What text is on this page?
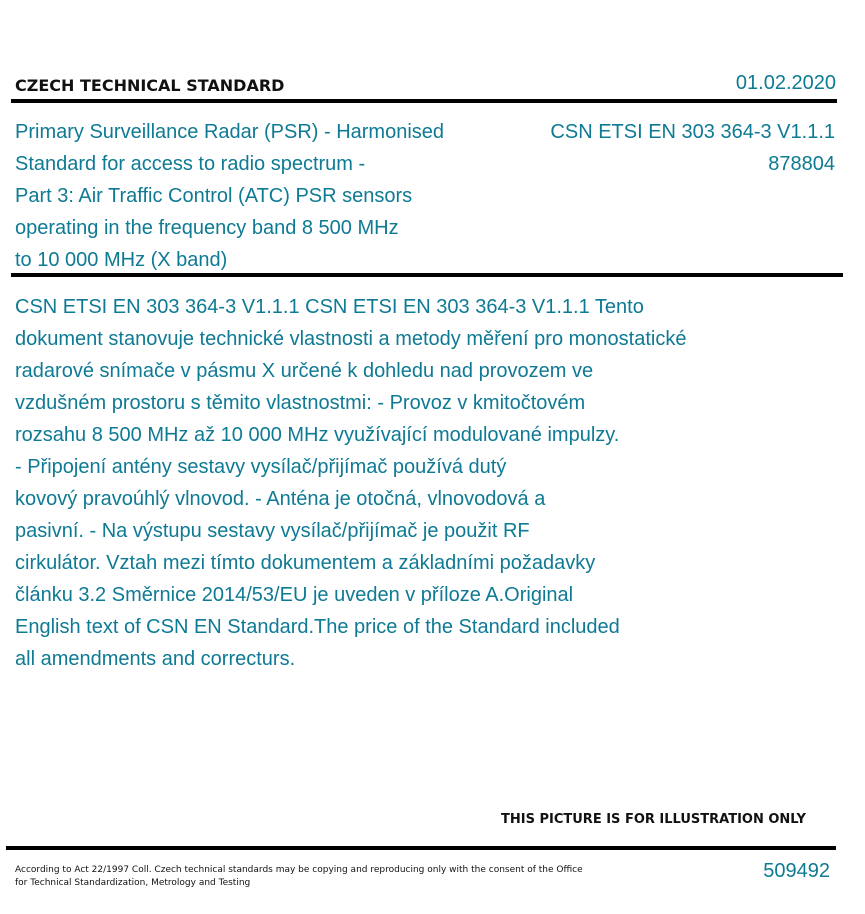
CZECH TECHNICAL STANDARD	01.02.2020
Primary Surveillance Radar (PSR) - Harmonised
Standard for access to radio spectrum -
Part 3: Air Traffic Control (ATC) PSR sensors
operating in the frequency band 8 500 MHz
to 10 000 MHz (X band)
CSN ETSI EN 303 364-3 V1.1.1
878804
CSN ETSI EN 303 364-3 V1.1.1 CSN ETSI EN 303 364-3 V1.1.1 Tento
dokument stanovuje technické vlastnosti a metody měření pro monostatické
radarové snímače v pásmu X určené k dohledu nad provozem ve
vzdušném prostoru s těmito vlastnostmi: - Provoz v kmitočtovém
rozsahu 8 500 MHz až 10 000 MHz využívající modulované impulzy.
- Připojení antény sestavy vysílač/přijímač používá dutý
kovový pravoúhlý vlnovod. - Anténa je otočná, vlnovodová a
pasivní. - Na výstupu sestavy vysílač/přijímač je použit RF
cirkulátor. Vztah mezi tímto dokumentem a základními požadavky
článku 3.2 Směrnice 2014/53/EU je uveden v příloze A.Original
English text of CSN EN Standard.The price of the Standard included
all amendments and correcturs.
THIS PICTURE IS FOR ILLUSTRATION ONLY
According to Act 22/1997 Coll. Czech technical standards may be copying and reproducing only with the consent of the Office
for Technical Standardization, Metrology and Testing
509492
